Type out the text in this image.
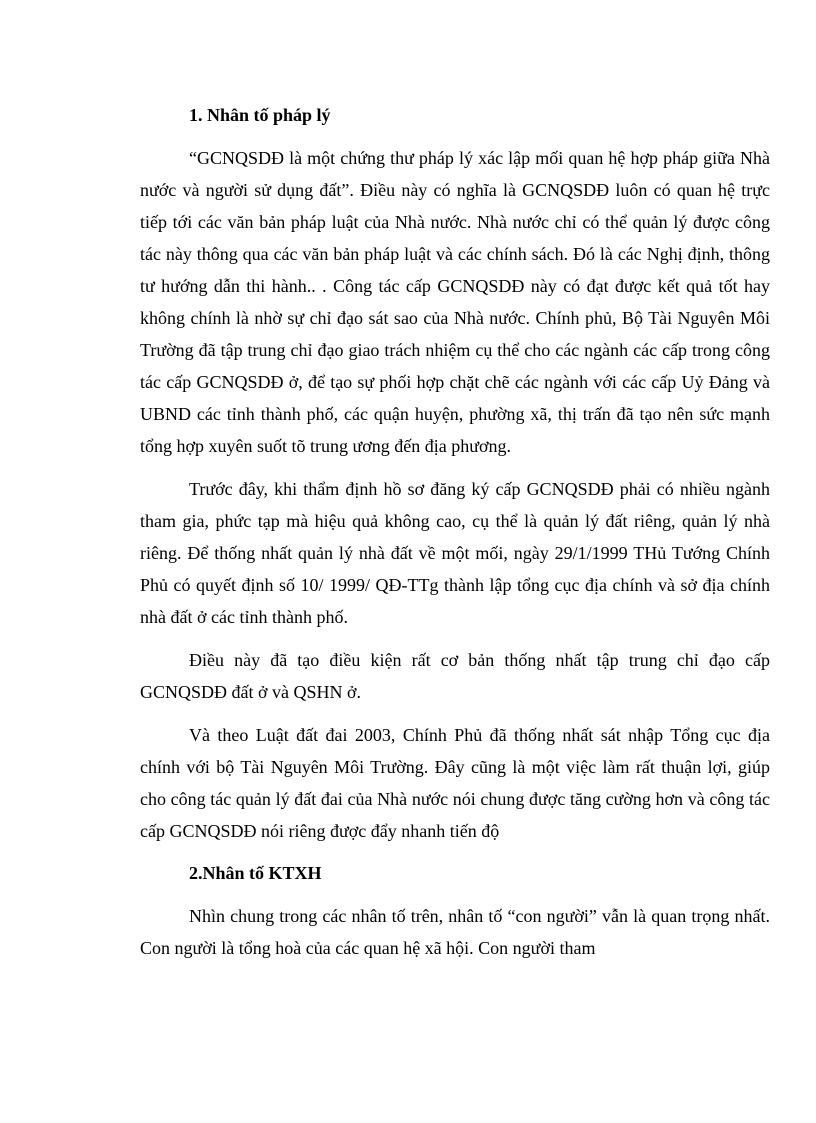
1. Nhân tố pháp lý

“GCNQSDĐ là một chứng thư pháp lý xác lập mối quan hệ hợp pháp giữa Nhà nước và người sử dụng đất”. Điều này có nghĩa là GCNQSDĐ luôn có quan hệ trực tiếp tới các văn bản pháp luật của Nhà nước. Nhà nước chỉ có thể quản lý được công tác này thông qua các văn bản pháp luật và các chính sách. Đó là các Nghị định, thông tư hướng dẫn thi hành.. . Công tác cấp GCNQSDĐ này có đạt được kết quả tốt hay không chính là nhờ sự chỉ đạo sát sao của Nhà nước. Chính phủ, Bộ Tài Nguyên Môi Trường đã tập trung chỉ đạo giao trách nhiệm cụ thể cho các ngành các cấp trong công tác cấp GCNQSDĐ ở, để tạo sự phối hợp chặt chẽ các ngành với các cấp Uỷ Đảng và UBND các tỉnh thành phố, các quận huyện, phường xã, thị trấn đã tạo nên sức mạnh tổng hợp xuyên suốt tõ trung ương đến địa phương.

Trước đây, khi thẩm định hồ sơ đăng ký cấp GCNQSDĐ phải có nhiều ngành tham gia, phức tạp mà hiệu quả không cao, cụ thể là quản lý đất riêng, quản lý nhà riêng. Để thống nhất quản lý nhà đất về một mối, ngày 29/1/1999 THủ Tướng Chính Phủ có quyết định số 10/ 1999/ QĐ-TTg thành lập tổng cục địa chính và sở địa chính nhà đất ở các tỉnh thành phố.

Điều này đã tạo điều kiện rất cơ bản thống nhất tập trung chỉ đạo cấp GCNQSDĐ đất ở và QSHN ở.

Và theo Luật đất đai 2003, Chính Phủ đã thống nhất sát nhập Tổng cục địa chính với bộ Tài Nguyên Môi Trường. Đây cũng là một việc làm rất thuận lợi, giúp cho công tác quản lý đất đai của Nhà nước nói chung được tăng cường hơn và công tác cấp GCNQSDĐ nói riêng được đẩy nhanh tiến độ

2.Nhân tố KTXH

Nhìn chung trong các nhân tố trên, nhân tố “con người” vẫn là quan trọng nhất. Con người là tổng hoà của các quan hệ xã hội. Con người tham
